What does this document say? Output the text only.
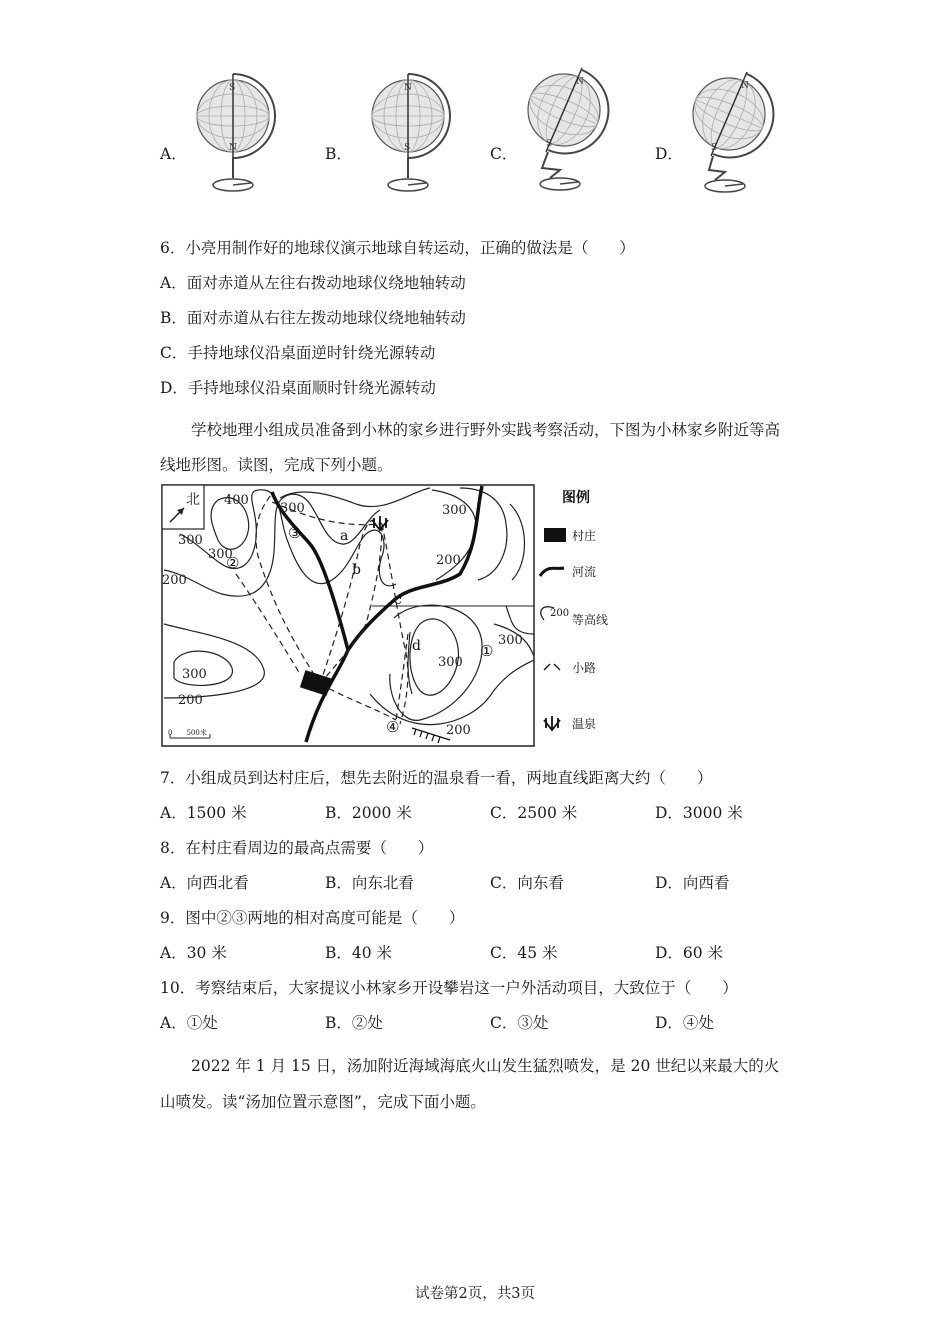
A．	B．	C．	D．
S
N
N
S
N
S
N
S
6．小亮用制作好的地球仪演示地球自转运动，正确的做法是（　　）
A．面对赤道从左往右拨动地球仪绕地轴转动
B．面对赤道从右往左拨动地球仪绕地轴转动
C．手持地球仪沿桌面逆时针绕光源转动
D．手持地球仪沿桌面顺时针绕光源转动
学校地理小组成员准备到小林的家乡进行野外实践考察活动，下图为小林家乡附近等高线地形图。读图，完成下列小题。
北 400
300
300
200
300
200
300
200
300
300
300
200
①
②
③
④
a
b
c
d
0　　500米
图例
村庄
河流
200 等高线
小路
温泉
7．小组成员到达村庄后，想先去附近的温泉看一看，两地直线距离大约（　　）
A．1500 米	B．2000 米	C．2500 米	D．3000 米
8．在村庄看周边的最高点需要（　　）
A．向西北看	B．向东北看	C．向东看	D．向西看
9．图中②③两地的相对高度可能是（　　）
A．30 米	B．40 米	C．45 米	D．60 米
10．考察结束后，大家提议小林家乡开设攀岩这一户外活动项目，大致位于（　　）
A．①处	B．②处	C．③处	D．④处
2022 年 1 月 15 日，汤加附近海域海底火山发生猛烈喷发，是 20 世纪以来最大的火山喷发。读“汤加位置示意图”，完成下面小题。
试卷第2页，共3页
